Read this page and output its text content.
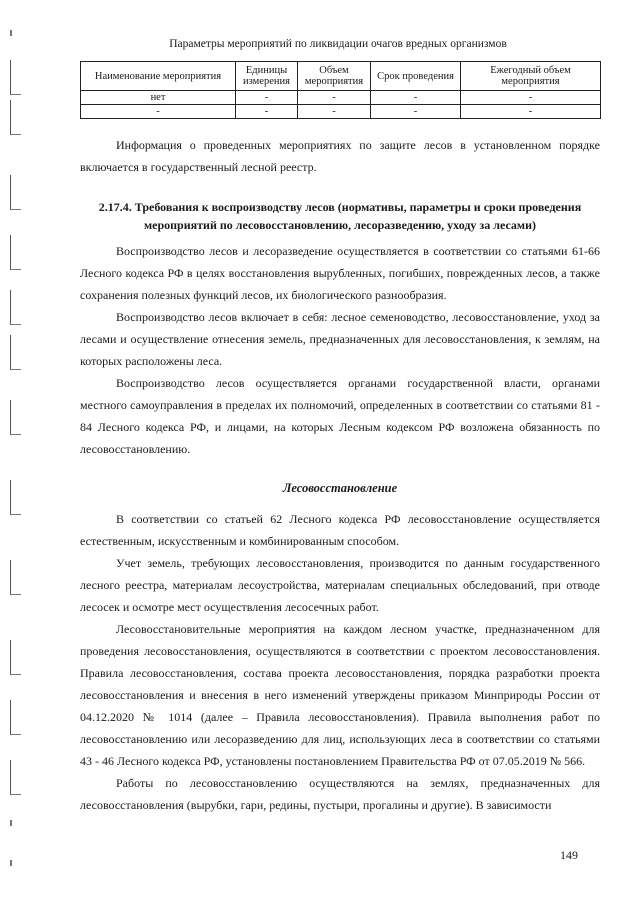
Параметры мероприятий по ликвидации очагов вредных организмов
Наименование мероприятия	Единицы измерения	Объем мероприятия	Срок проведения	Ежегодный объем мероприятия
нет	-	-	-	-
-	-	-	-	-

Информация о проведенных мероприятиях по защите лесов в установленном порядке включается в государственный лесной реестр.

2.17.4. Требования к воспроизводству лесов (нормативы, параметры и сроки проведения мероприятий по лесовосстановлению, лесоразведению, уходу за лесами)

Воспроизводство лесов и лесоразведение осуществляется в соответствии со статьями 61-66 Лесного кодекса РФ в целях восстановления вырубленных, погибших, поврежденных лесов, а также сохранения полезных функций лесов, их биологического разнообразия.

Воспроизводство лесов включает в себя: лесное семеноводство, лесовосстановление, уход за лесами и осуществление отнесения земель, предназначенных для лесовосстановления, к землям, на которых расположены леса.

Воспроизводство лесов осуществляется органами государственной власти, органами местного самоуправления в пределах их полномочий, определенных в соответствии со статьями 81 - 84 Лесного кодекса РФ, и лицами, на которых Лесным кодексом РФ возложена обязанность по лесовосстановлению.

Лесовосстановление

В соответствии со статьей 62 Лесного кодекса РФ лесовосстановление осуществляется естественным, искусственным и комбинированным способом.

Учет земель, требующих лесовосстановления, производится по данным государственного лесного реестра, материалам лесоустройства, материалам специальных обследований, при отводе лесосек и осмотре мест осуществления лесосечных работ.

Лесовосстановительные мероприятия на каждом лесном участке, предназначенном для проведения лесовосстановления, осуществляются в соответствии с проектом лесовосстановления. Правила лесовосстановления, состава проекта лесовосстановления, порядка разработки проекта лесовосстановления и внесения в него изменений утверждены приказом Минприроды России от 04.12.2020 № 1014 (далее – Правила лесовосстановления). Правила выполнения работ по лесовосстановлению или лесоразведению для лиц, использующих леса в соответствии со статьями 43 - 46 Лесного кодекса РФ, установлены постановлением Правительства РФ от 07.05.2019 № 566.

Работы по лесовосстановлению осуществляются на землях, предназначенных для лесовосстановления (вырубки, гари, редины, пустыри, прогалины и другие). В зависимости

149
